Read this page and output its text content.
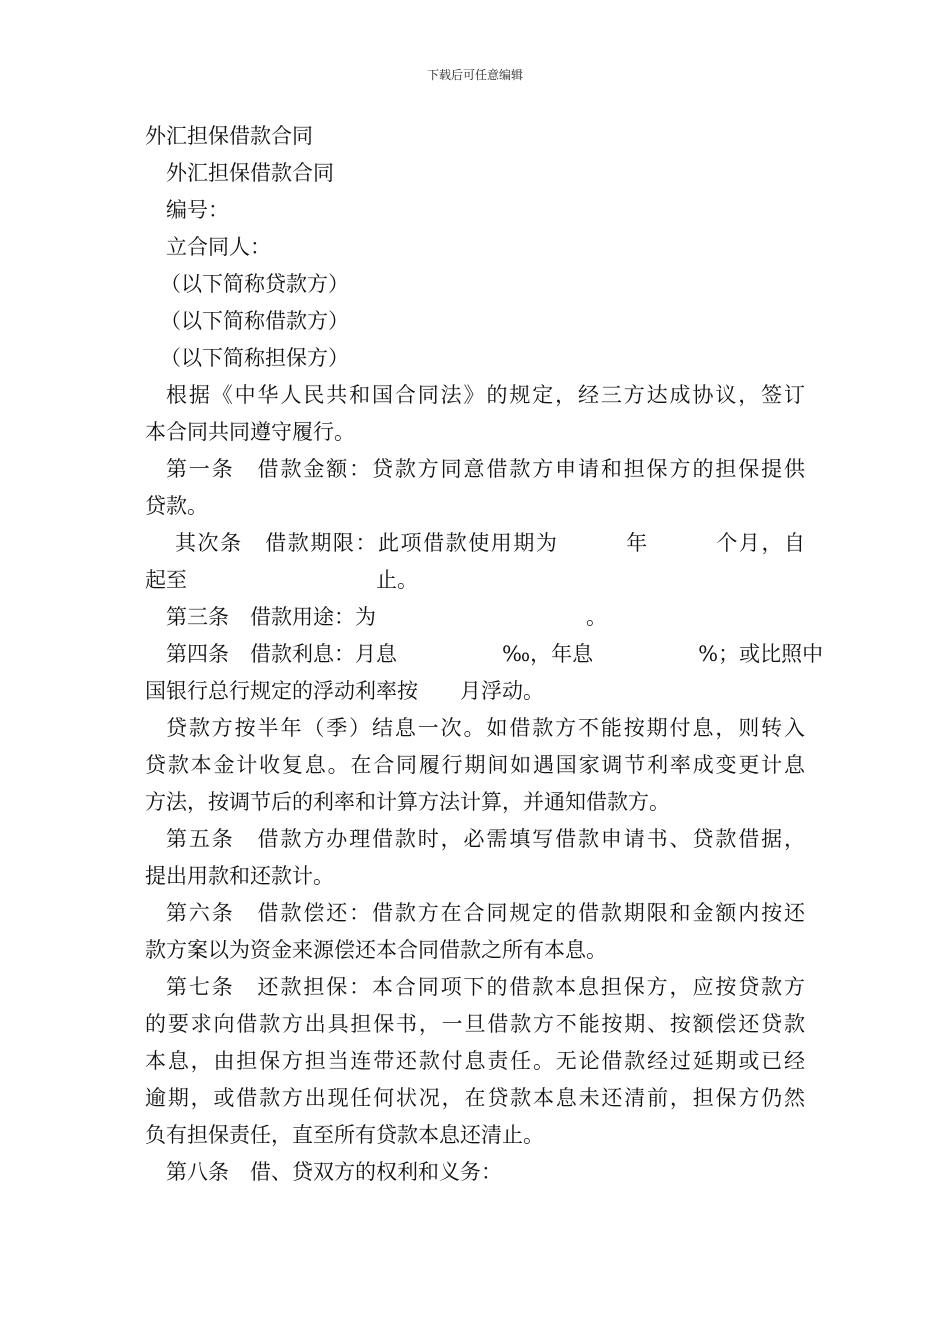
下载后可任意编辑

外汇担保借款合同

外汇担保借款合同

编号：

立合同人：

（以下简称贷款方）

（以下简称借款方）

（以下简称担保方）

根据《中华人民共和国合同法》的规定，经三方达成协议，签订

本合同共同遵守履行。

第一条　借款金额：贷款方同意借款方申请和担保方的担保提供

贷款。

其次条　借款期限：此项借款使用期为　　　年　　　个月，自

起至　　　　　　　　　止。

第三条　借款用途：为　　　　　　　　　　。

第四条　借款利息：月息　　　　　‰，年息　　　　　%；或比照中

国银行总行规定的浮动利率按　　月浮动。

贷款方按半年（季）结息一次。如借款方不能按期付息，则转入

贷款本金计收复息。在合同履行期间如遇国家调节利率成变更计息

方法，按调节后的利率和计算方法计算，并通知借款方。

第五条　借款方办理借款时，必需填写借款申请书、贷款借据，

提出用款和还款计。

第六条　借款偿还：借款方在合同规定的借款期限和金额内按还

款方案以为资金来源偿还本合同借款之所有本息。

第七条　还款担保：本合同项下的借款本息担保方，应按贷款方

的要求向借款方出具担保书，一旦借款方不能按期、按额偿还贷款

本息，由担保方担当连带还款付息责任。无论借款经过延期或已经

逾期，或借款方出现任何状况，在贷款本息未还清前，担保方仍然

负有担保责任，直至所有贷款本息还清止。

第八条　借、贷双方的权利和义务：
